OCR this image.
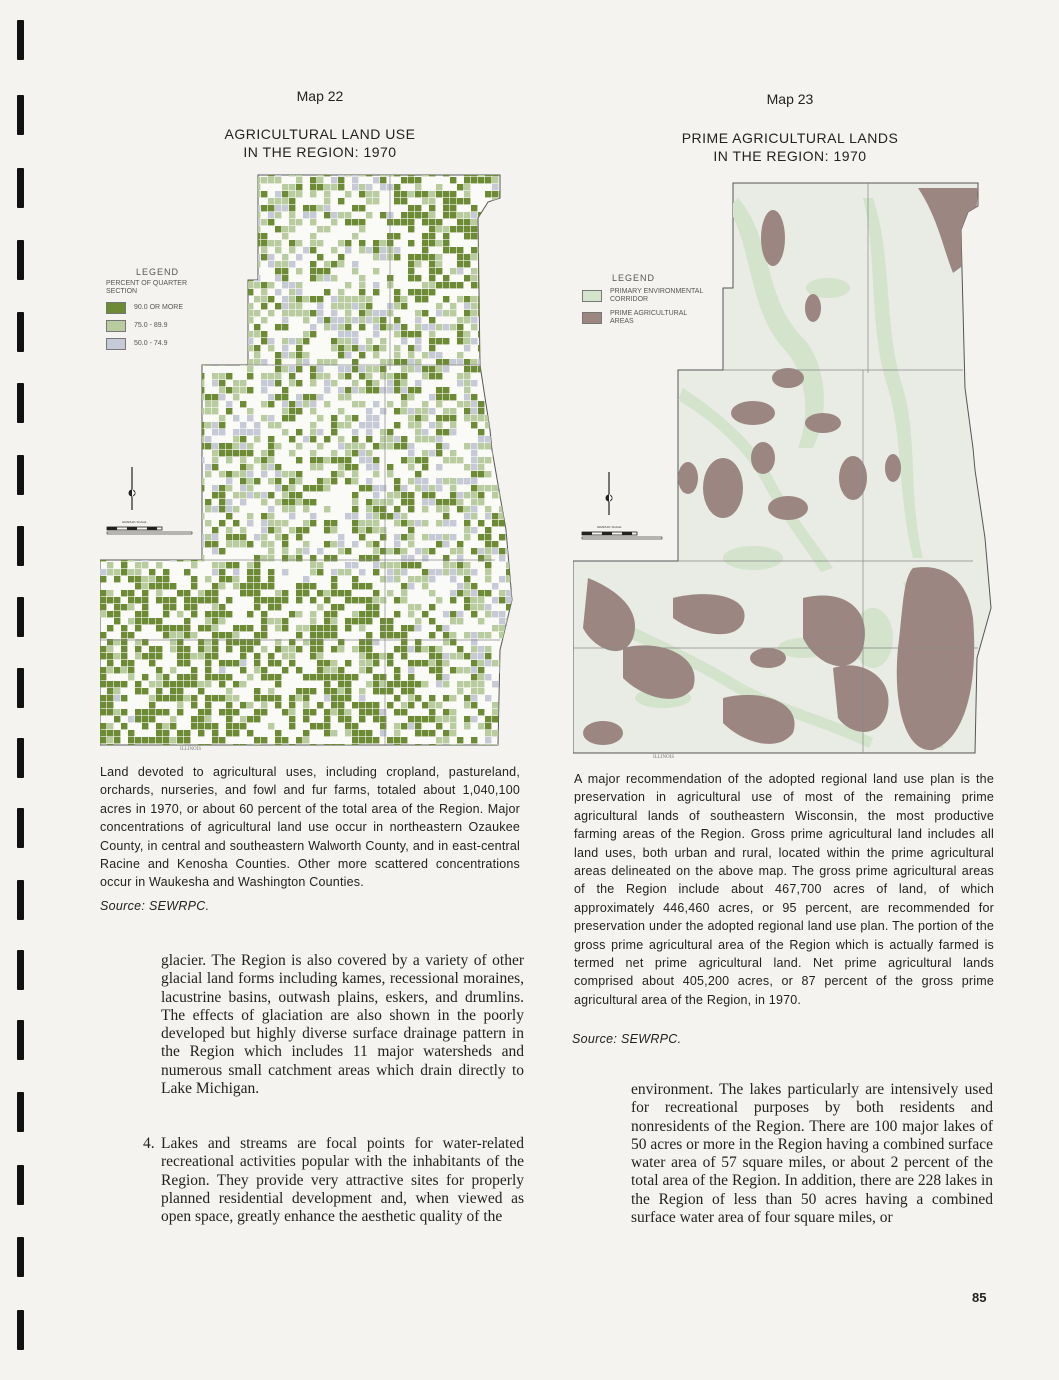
Map 22
AGRICULTURAL LAND USE
IN THE REGION: 1970
ILLINOIS
LEGEND
PERCENT OF QUARTER SECTION
90.0 OR MORE
75.0 - 89.9
50.0 - 74.9
GRAPHIC SCALE
Land devoted to agricultural uses, including cropland, pastureland, orchards, nurseries, and fowl and fur farms, totaled about 1,040,100 acres in 1970, or about 60 percent of the total area of the Region. Major concentrations of agricultural land use occur in northeastern Ozaukee County, in central and southeastern Walworth County, and in east-central Racine and Kenosha Counties. Other more scattered concentrations occur in Waukesha and Washington Counties.
Source: SEWRPC.
Map 23
PRIME AGRICULTURAL LANDS
IN THE REGION: 1970
ILLINOIS
LEGEND
PRIMARY ENVIRONMENTAL CORRIDOR
PRIME AGRICULTURAL AREAS
GRAPHIC SCALE
A major recommendation of the adopted regional land use plan is the preservation in agricultural use of most of the remaining prime agricultural lands of southeastern Wisconsin, the most productive farming areas of the Region. Gross prime agricultural land includes all land uses, both urban and rural, located within the prime agricultural areas delineated on the above map. The gross prime agricultural areas of the Region include about 467,700 acres of land, of which approximately 446,460 acres, or 95 percent, are recommended for preservation under the adopted regional land use plan. The portion of the gross prime agricultural area of the Region which is actually farmed is termed net prime agricultural land. Net prime agricultural lands comprised about 405,200 acres, or 87 percent of the gross prime agricultural area of the Region, in 1970.
Source: SEWRPC.
glacier. The Region is also covered by a variety of other glacial land forms including kames, recessional moraines, lacustrine basins, outwash plains, eskers, and drumlins. The effects of glaciation are also shown in the poorly developed but highly diverse surface drainage pattern in the Region which includes 11 major watersheds and numerous small catchment areas which drain directly to Lake Michigan.
4. Lakes and streams are focal points for water-related recreational activities popular with the inhabitants of the Region. They provide very attractive sites for properly planned residential development and, when viewed as open space, greatly enhance the aesthetic quality of the
environment. The lakes particularly are intensively used for recreational purposes by both residents and nonresidents of the Region. There are 100 major lakes of 50 acres or more in the Region having a combined surface water area of 57 square miles, or about 2 percent of the total area of the Region. In addition, there are 228 lakes in the Region of less than 50 acres having a combined surface water area of four square miles, or
85
